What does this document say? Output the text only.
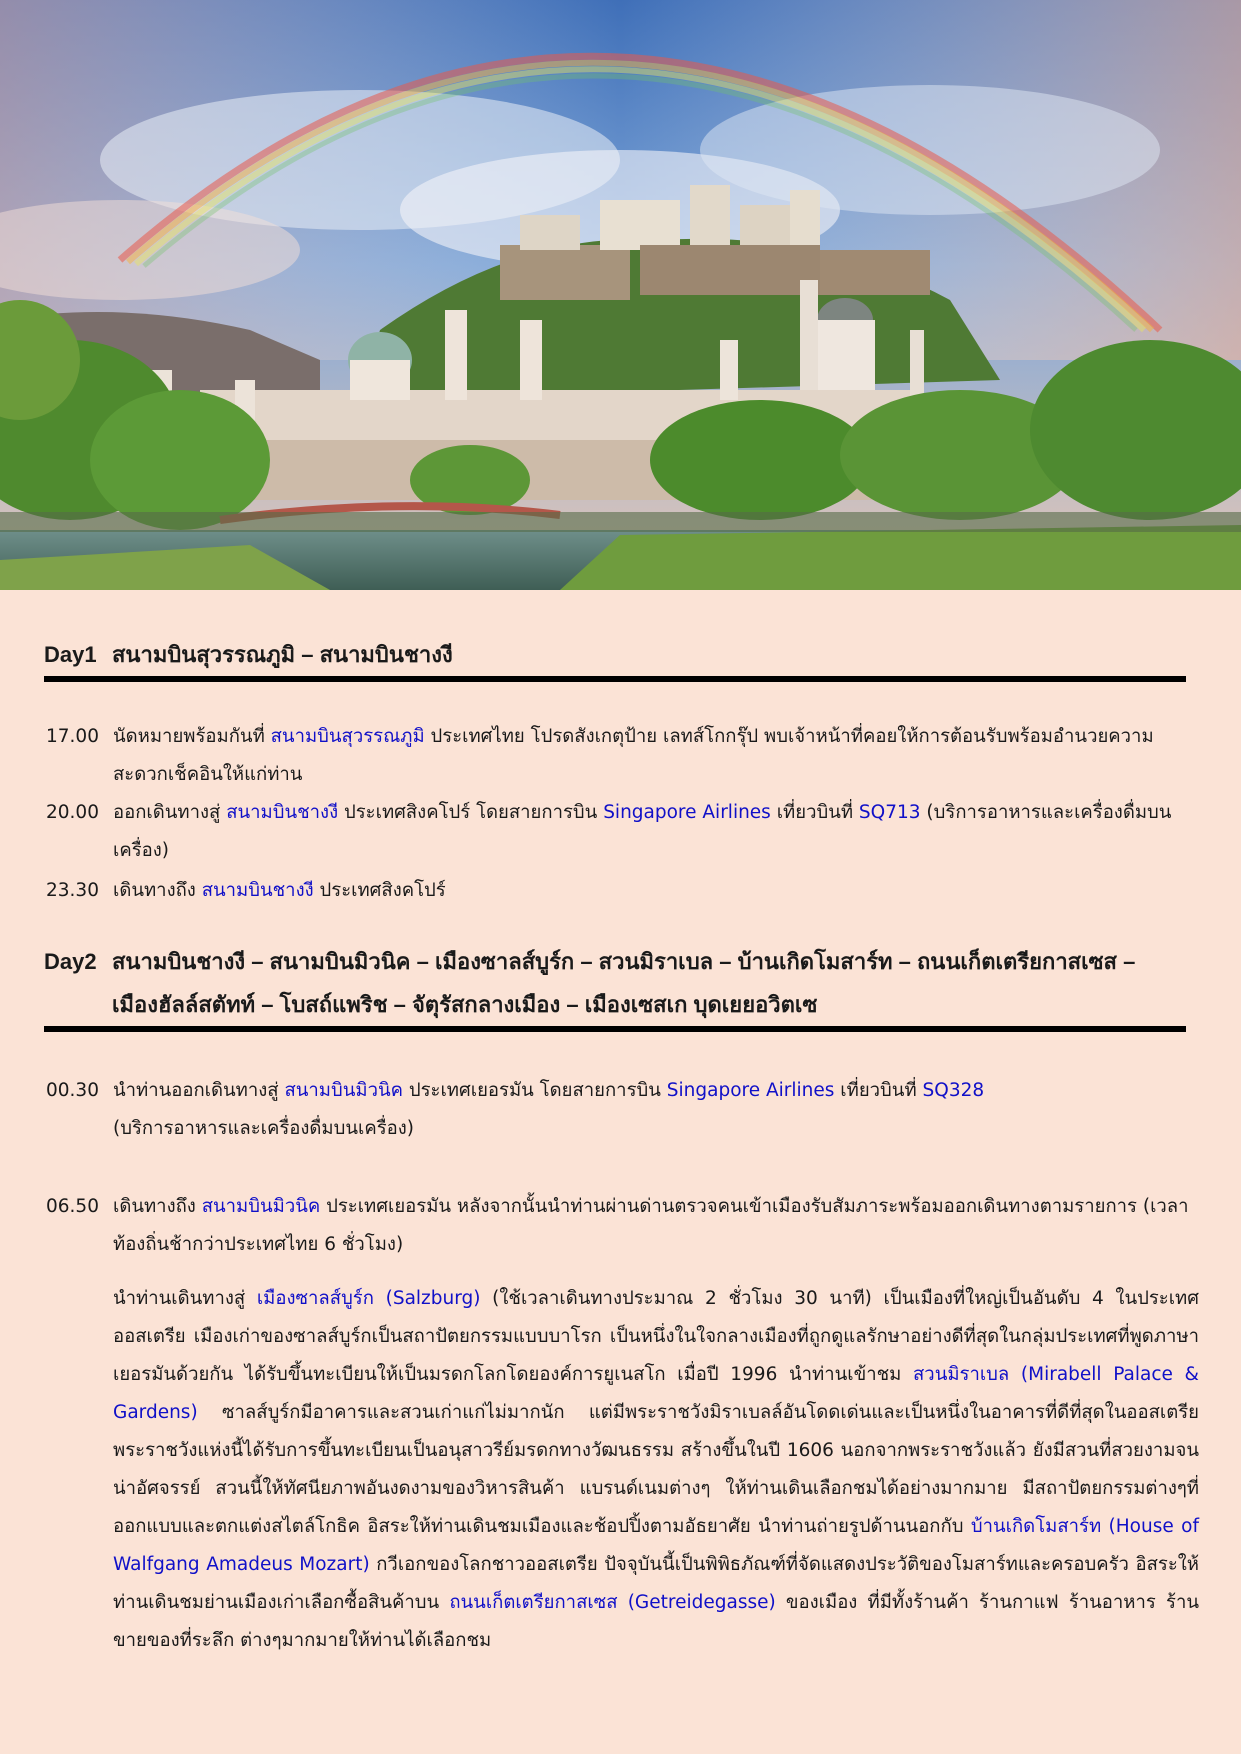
Day1 สนามบินสุวรรณภูมิ – สนามบินชางงี
17.00 นัดหมายพร้อมกันที่ สนามบินสุวรรณภูมิ ประเทศไทย โปรดสังเกตุป้าย เลทส์โกกรุ๊ป พบเจ้าหน้าที่คอยให้การต้อนรับพร้อมอำนวยความสะดวกเช็คอินให้แก่ท่าน
20.00 ออกเดินทางสู่ สนามบินชางงี ประเทศสิงคโปร์ โดยสายการบิน Singapore Airlines เที่ยวบินที่ SQ713 (บริการอาหารและเครื่องดื่มบนเครื่อง)
23.30 เดินทางถึง สนามบินชางงี ประเทศสิงคโปร์
Day2 สนามบินชางงี – สนามบินมิวนิค – เมืองซาลส์บูร์ก – สวนมิราเบล – บ้านเกิดโมสาร์ท – ถนนเก็ตเตรียกาสเซส – เมืองฮัลล์สตัทท์ – โบสถ์แพริช – จัตุรัสกลางเมือง – เมืองเซสเก บุดเยยอวิตเซ
00.30 นำท่านออกเดินทางสู่ สนามบินมิวนิค ประเทศเยอรมัน โดยสายการบิน Singapore Airlines เที่ยวบินที่ SQ328
(บริการอาหารและเครื่องดื่มบนเครื่อง)
06.50 เดินทางถึง สนามบินมิวนิค ประเทศเยอรมัน หลังจากนั้นนำท่านผ่านด่านตรวจคนเข้าเมืองรับสัมภาระพร้อมออกเดินทางตามรายการ (เวลาท้องถิ่นช้ากว่าประเทศไทย 6 ชั่วโมง)
นำท่านเดินทางสู่ เมืองซาลส์บูร์ก (Salzburg) (ใช้เวลาเดินทางประมาณ 2 ชั่วโมง 30 นาที) เป็นเมืองที่ใหญ่เป็นอันดับ 4 ในประเทศออสเตรีย เมืองเก่าของซาลส์บูร์กเป็นสถาปัตยกรรมแบบบาโรก เป็นหนึ่งในใจกลางเมืองที่ถูกดูแลรักษาอย่างดีที่สุดในกลุ่มประเทศที่พูดภาษาเยอรมันด้วยกัน ได้รับขึ้นทะเบียนให้เป็นมรดกโลกโดยองค์การยูเนสโก เมื่อปี 1996 นำท่านเข้าชม สวนมิราเบล (Mirabell Palace & Gardens) ซาลส์บูร์กมีอาคารและสวนเก่าแก่ไม่มากนัก แต่มีพระราชวังมิราเบลล์อันโดดเด่นและเป็นหนึ่งในอาคารที่ดีที่สุดในออสเตรีย พระราชวังแห่งนี้ได้รับการขึ้นทะเบียนเป็นอนุสาวรีย์มรดกทางวัฒนธรรม สร้างขึ้นในปี 1606 นอกจากพระราชวังแล้ว ยังมีสวนที่สวยงามจนน่าอัศจรรย์ สวนนี้ให้ทัศนียภาพอันงดงามของวิหารสินค้า แบรนด์เนมต่างๆ ให้ท่านเดินเลือกชมได้อย่างมากมาย มีสถาปัตยกรรมต่างๆที่ออกแบบและตกแต่งสไตล์โกธิค อิสระให้ท่านเดินชมเมืองและช้อปปิ้งตามอัธยาศัย นำท่านถ่ายรูปด้านนอกกับ บ้านเกิดโมสาร์ท (House of Walfgang Amadeus Mozart) กวีเอกของโลกชาวออสเตรีย ปัจจุบันนี้เป็นพิพิธภัณฑ์ที่จัดแสดงประวัติของโมสาร์ทและครอบครัว อิสระให้ท่านเดินชมย่านเมืองเก่าเลือกซื้อสินค้าบน ถนนเก็ตเตรียกาสเซส (Getreidegasse) ของเมือง ที่มีทั้งร้านค้า ร้านกาแฟ ร้านอาหาร ร้านขายของที่ระลึก ต่างๆมากมายให้ท่านได้เลือกชม
